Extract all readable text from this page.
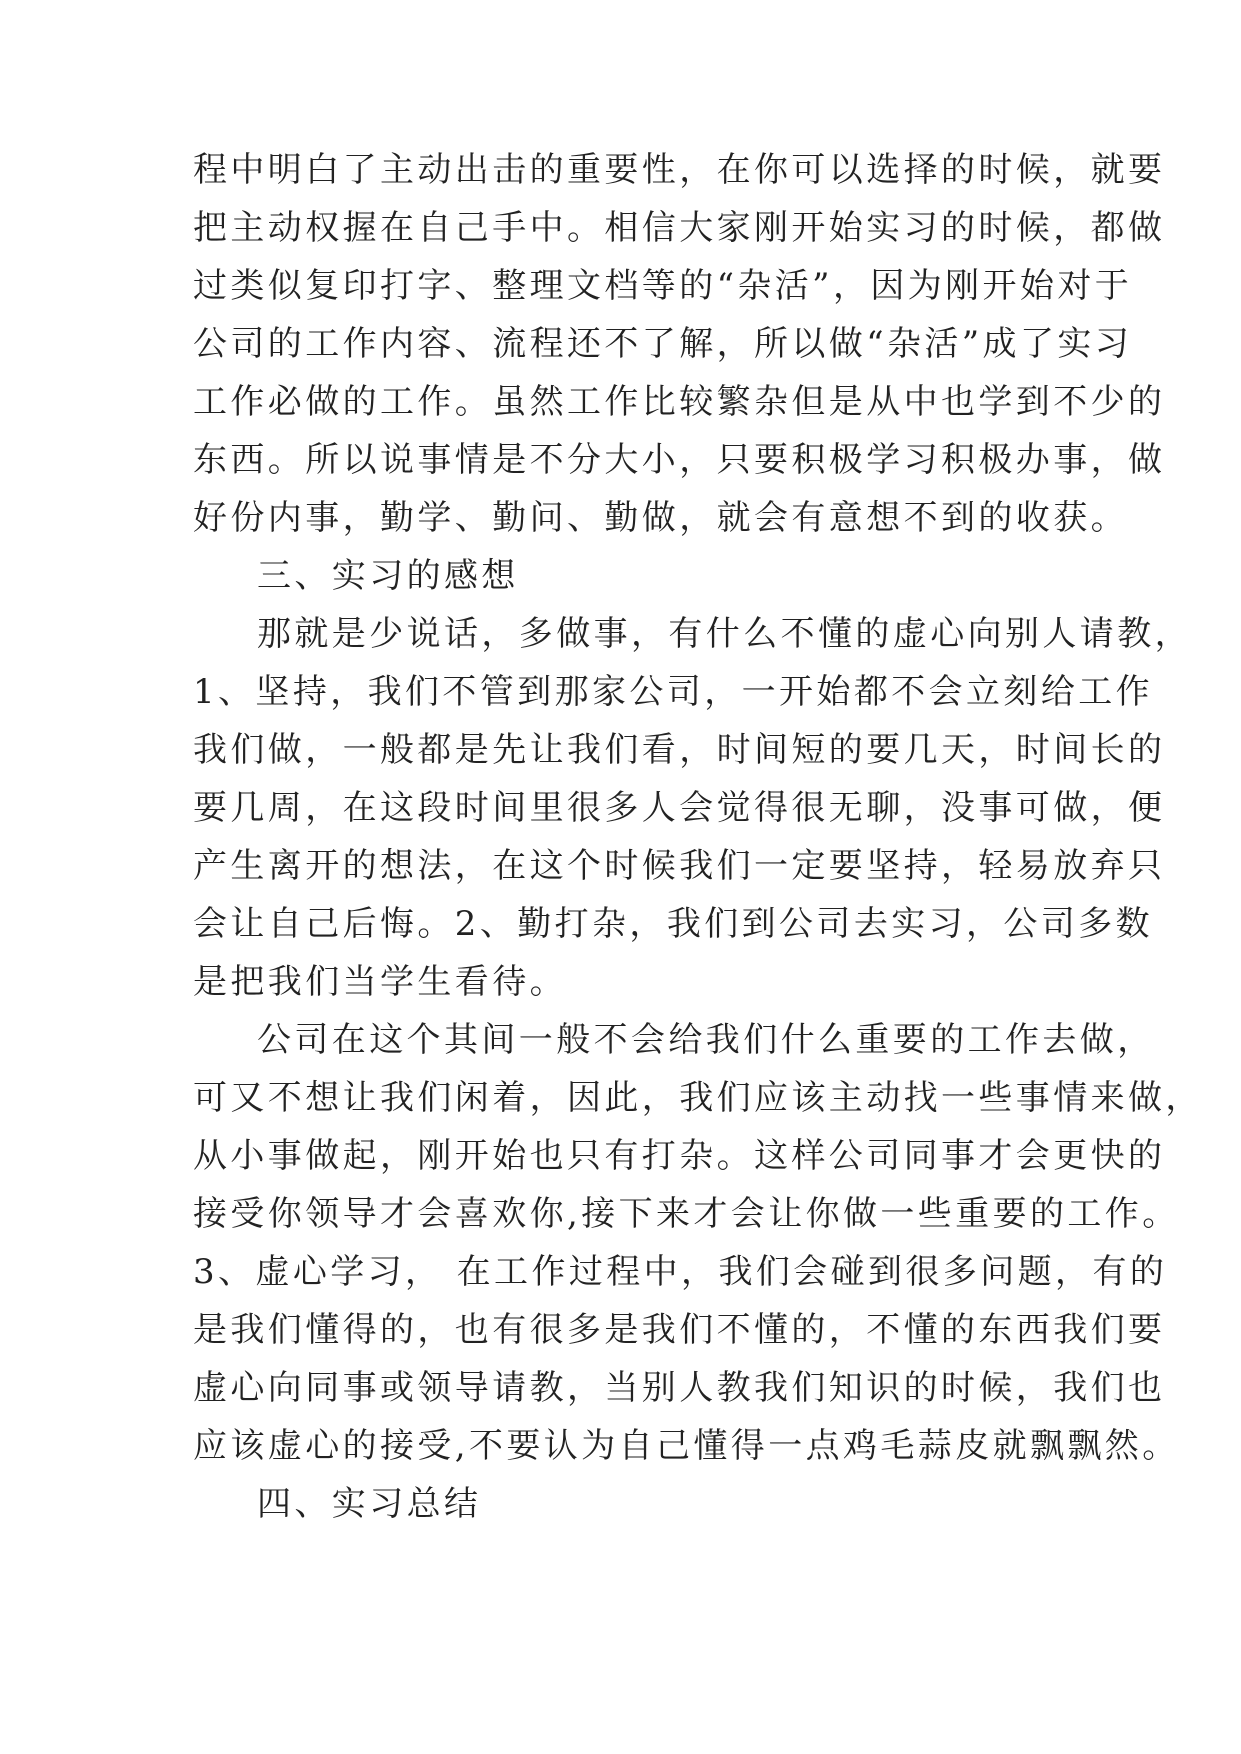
程中明白了主动出击的重要性，在你可以选择的时候，就要
把主动权握在自己手中。相信大家刚开始实习的时候，都做
过类似复印打字、整理文档等的“杂活”，因为刚开始对于
公司的工作内容、流程还不了解，所以做“杂活”成了实习
工作必做的工作。虽然工作比较繁杂但是从中也学到不少的
东西。所以说事情是不分大小，只要积极学习积极办事，做
好份内事，勤学、勤问、勤做，就会有意想不到的收获。
三、实习的感想
那就是少说话，多做事，有什么不懂的虚心向别人请教，
1、坚持，我们不管到那家公司，一开始都不会立刻给工作
我们做，一般都是先让我们看，时间短的要几天，时间长的
要几周，在这段时间里很多人会觉得很无聊，没事可做，便
产生离开的想法，在这个时候我们一定要坚持，轻易放弃只
会让自己后悔。2、勤打杂，我们到公司去实习，公司多数
是把我们当学生看待。
公司在这个其间一般不会给我们什么重要的工作去做，
可又不想让我们闲着，因此，我们应该主动找一些事情来做，
从小事做起，刚开始也只有打杂。这样公司同事才会更快的
接受你领导才会喜欢你,接下来才会让你做一些重要的工作。
3、虚心学习， 在工作过程中，我们会碰到很多问题，有的
是我们懂得的，也有很多是我们不懂的，不懂的东西我们要
虚心向同事或领导请教，当别人教我们知识的时候，我们也
应该虚心的接受,不要认为自己懂得一点鸡毛蒜皮就飘飘然。
四、实习总结
